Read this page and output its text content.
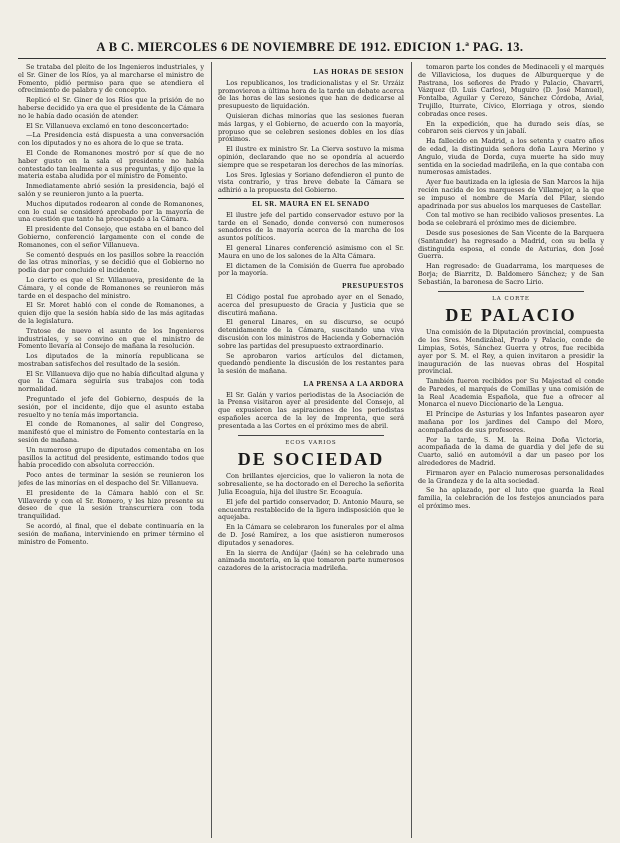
A B C. MIERCOLES 6 DE NOVIEMBRE DE 1912. EDICION 1.ª PAG. 13.

Se trataba del pleito de los Ingenieros industriales, y el Sr. Giner de los Ríos, ya al marcharse el ministro de Fomento, pidió permiso para que se atendiera el ofrecimiento de palabra y de concepto.

Replicó el Sr. Giner de los Ríos que la prisión de no haberse decidido ya era que el presidente de la Cámara no le había dado ocasión de atender.

El Sr. Villanueva exclamó en tono desconcertado:

—La Presidencia está dispuesta a una conversación con los diputados y no es ahora de lo que se trata.

El Conde de Romanones mostró por sí que de no haber gusto en la sala el presidente no había contestado tan lealmente a sus preguntas, y dijo que la materia estaba aludida por el ministro de Fomento.

Inmediatamente abrió sesión la presidencia, bajó el salón y se reunieron junto a la puerta.

Muchos diputados rodearon al conde de Romanones, con lo cual se consideró aprobado por la mayoría de una cuestión que tanto ha preocupado a la Cámara.

El presidente del Consejo, que estaba en el banco del Gobierno, conferenció largamente con el conde de Romanones, con el señor Villanueva.

Se comentó después en los pasillos sobre la reacción de las otras minorías, y se decidió que el Gobierno no podía dar por concluido el incidente.

Lo cierto es que el Sr. Villanueva, presidente de la Cámara, y el conde de Romanones se reunieron más tarde en el despacho del ministro.

El Sr. Moret habló con el conde de Romanones, a quien dijo que la sesión había sido de las más agitadas de la legislatura.

Tratose de nuevo el asunto de los Ingenieros industriales, y se convino en que el ministro de Fomento llevaría al Consejo de mañana la resolución.

Los diputados de la minoría republicana se mostraban satisfechos del resultado de la sesión.

El Sr. Villanueva dijo que no había dificultad alguna y que la Cámara seguiría sus trabajos con toda normalidad.

Preguntado el jefe del Gobierno, después de la sesión, por el incidente, dijo que el asunto estaba resuelto y no tenía más importancia.

El conde de Romanones, al salir del Congreso, manifestó que el ministro de Fomento contestaría en la sesión de mañana.

Un numeroso grupo de diputados comentaba en los pasillos la actitud del presidente, estimando todos que había procedido con absoluta corrección.

Poco antes de terminar la sesión se reunieron los jefes de las minorías en el despacho del Sr. Villanueva.

El presidente de la Cámara habló con el Sr. Villaverde y con el Sr. Romero, y les hizo presente su deseo de que la sesión transcurriera con toda tranquilidad.

Se acordó, al final, que el debate continuaría en la sesión de mañana, interviniendo en primer término el ministro de Fomento.

LAS HORAS DE SESION

Los republicanos, los tradicionalistas y el Sr. Urzáiz promovieron a última hora de la tarde un debate acerca de las horas de las sesiones que han de dedicarse al presupuesto de liquidación.

Quisieran dichas minorías que las sesiones fueran más largas, y el Gobierno, de acuerdo con la mayoría, propuso que se celebren sesiones dobles en los días próximos.

El ilustre ex ministro Sr. La Cierva sostuvo la misma opinión, declarando que no se opondría al acuerdo siempre que se respetaran los derechos de las minorías.

Los Sres. Iglesias y Soriano defendieron el punto de vista contrario, y tras breve debate la Cámara se adhirió a la propuesta del Gobierno.

EL SR. MAURA EN EL SENADO

El ilustre jefe del partido conservador estuvo por la tarde en el Senado, donde conversó con numerosos senadores de la mayoría acerca de la marcha de los asuntos políticos.

El general Linares conferenció asimismo con el Sr. Maura en uno de los salones de la Alta Cámara.

El dictamen de la Comisión de Guerra fue aprobado por la mayoría.

PRESUPUESTOS

El Código postal fue aprobado ayer en el Senado, acerca del presupuesto de Gracia y Justicia que se discutirá mañana.

El general Linares, en su discurso, se ocupó detenidamente de la Cámara, suscitando una viva discusión con los ministros de Hacienda y Gobernación sobre las partidas del presupuesto extraordinario.

Se aprobaron varios artículos del dictamen, quedando pendiente la discusión de los restantes para la sesión de mañana.

LA PRENSA A LA ARDORA

El Sr. Galán y varios periodistas de la Asociación de la Prensa visitaron ayer al presidente del Consejo, al que expusieron las aspiraciones de los periodistas españoles acerca de la ley de Imprenta, que será presentada a las Cortes en el próximo mes de abril.

ECOS VARIOS
DE SOCIEDAD

Con brillantes ejercicios, que lo valieron la nota de sobresaliente, se ha doctorado en el Derecho la señorita Julia Ecoaguía, hija del ilustre Sr. Ecoaguía.

El jefe del partido conservador, D. Antonio Maura, se encuentra restablecido de la ligera indisposición que le aquejaba.

En la Cámara se celebraron los funerales por el alma de D. José Ramírez, a los que asistieron numerosos diputados y senadores.

En la sierra de Andújar (Jaén) se ha celebrado una animada montería, en la que tomaron parte numerosos cazadores de la aristocracia madrileña.

tomaron parte los condes de Medinaceli y el marqués de Villaviciosa, los duques de Alburquerque y de Pastrana, los señores de Prado y Palacio, Chavarri, Vázquez (D. Luis Carlos), Muguiro (D. José Manuel), Fontalba, Aguilar y Cerezo, Sánchez Córdoba, Avial, Trujillo, Iturrate, Cívico, Elorriaga y otros, siendo cobradas once reses.

En la expedición, que ha durado seis días, se cobraron seis ciervos y un jabalí.

Ha fallecido en Madrid, a los setenta y cuatro años de edad, la distinguida señora doña Laura Merino y Angulo, viuda de Dorda, cuya muerte ha sido muy sentida en la sociedad madrileña, en la que contaba con numerosas amistades.

Ayer fue bautizada en la iglesia de San Marcos la hija recién nacida de los marqueses de Villamejor, a la que se impuso el nombre de María del Pilar, siendo apadrinada por sus abuelos los marqueses de Castellar.

Con tal motivo se han recibido valiosos presentes. La boda se celebrará el próximo mes de diciembre.

Desde sus posesiones de San Vicente de la Barquera (Santander) ha regresado a Madrid, con su bella y distinguida esposa, el conde de Asturias, don José Guerra.

Han regresado: de Guadarrama, los marqueses de Borja; de Biarritz, D. Baldomero Sánchez; y de San Sebastián, la baronesa de Sacro Lirio.

LA CORTE
DE PALACIO

Una comisión de la Diputación provincial, compuesta de los Sres. Mendizábal, Prado y Palacio, conde de Limpias, Sotés, Sánchez Guerra y otros, fue recibida ayer por S. M. el Rey, a quien invitaron a presidir la inauguración de las nuevas obras del Hospital provincial.

También fueron recibidos por Su Majestad el conde de Paredes, el marqués de Comillas y una comisión de la Real Academia Española, que fue a ofrecer al Monarca el nuevo Diccionario de la Lengua.

El Príncipe de Asturias y los Infantes pasearon ayer mañana por los jardines del Campo del Moro, acompañados de sus profesores.

Por la tarde, S. M. la Reina Doña Victoria, acompañada de la dama de guardia y del jefe de su Cuarto, salió en automóvil a dar un paseo por los alrededores de Madrid.

Firmaron ayer en Palacio numerosas personalidades de la Grandeza y de la alta sociedad.

Se ha aplazado, por el luto que guarda la Real familia, la celebración de los festejos anunciados para el próximo mes.
